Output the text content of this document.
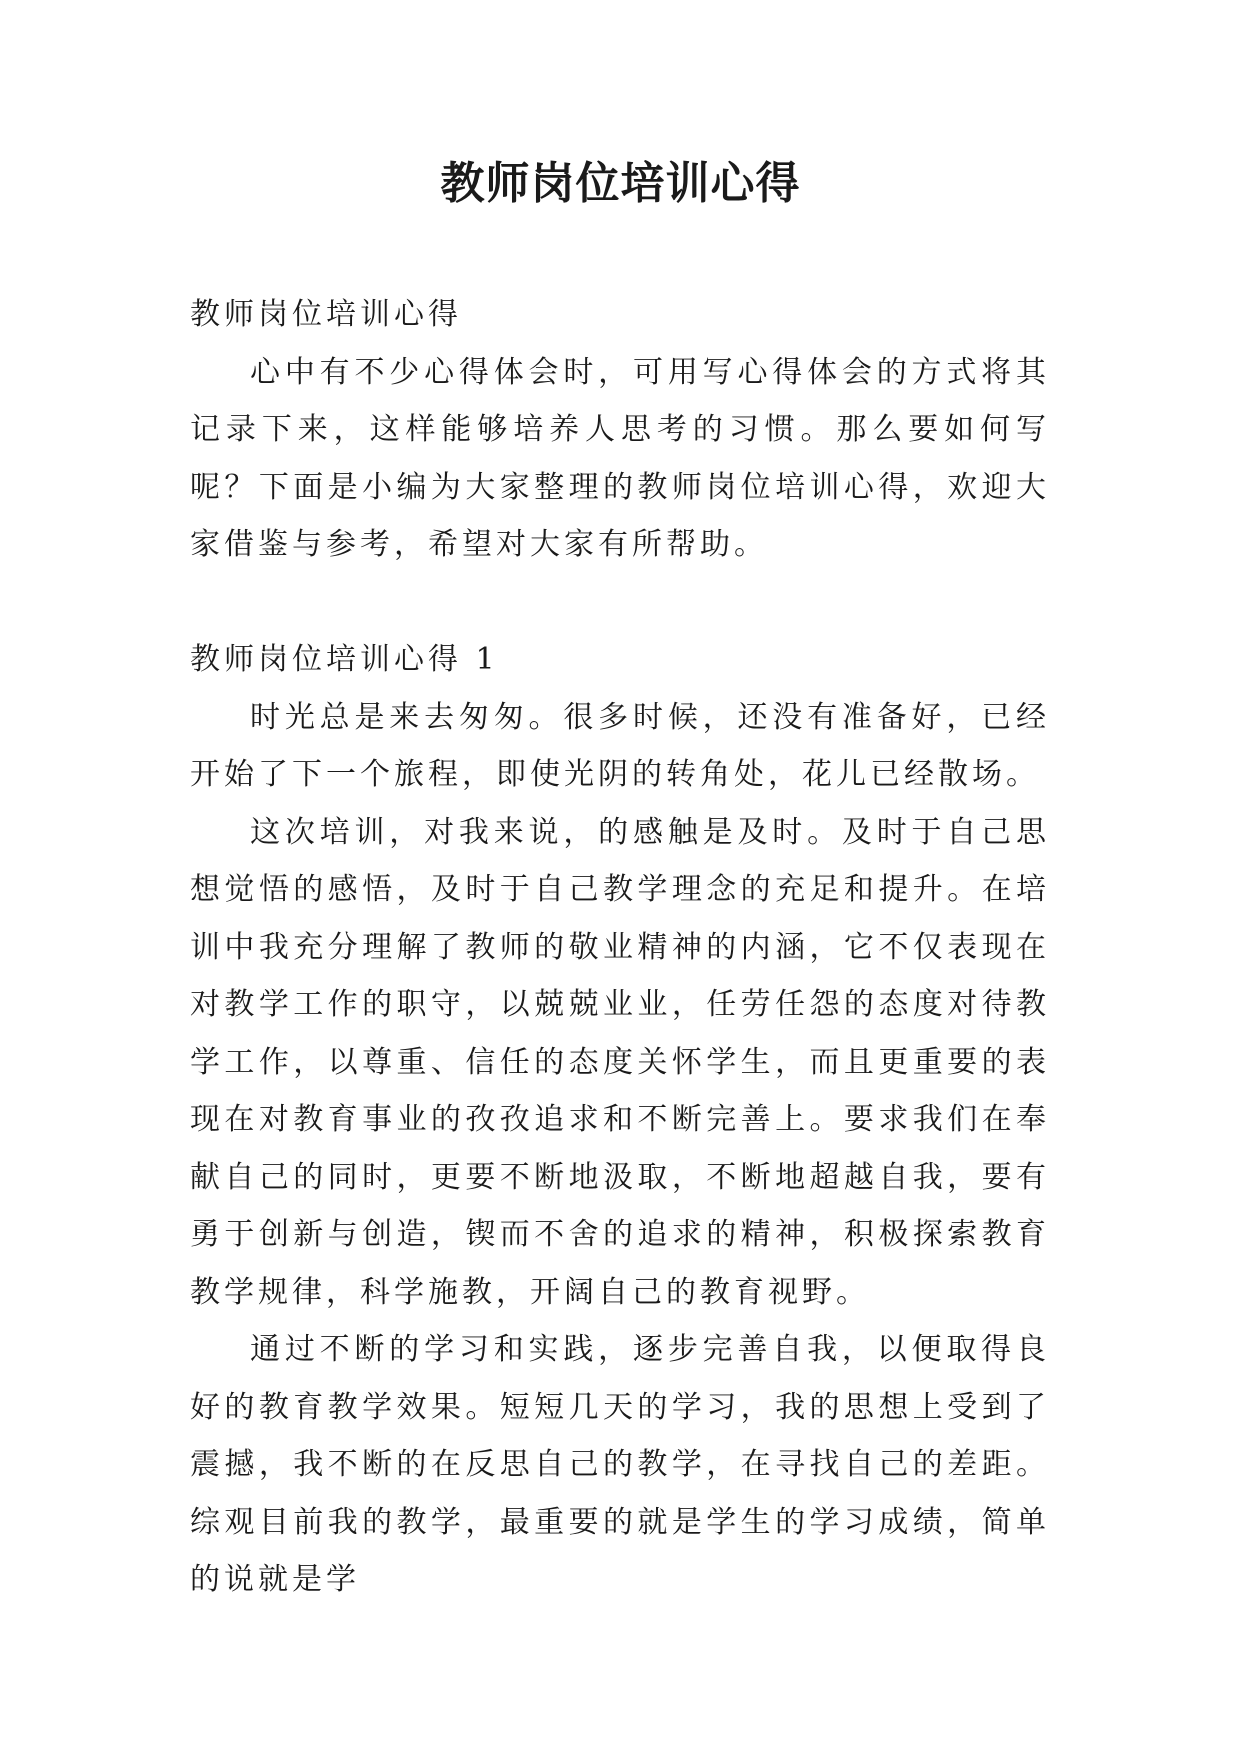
教师岗位培训心得

教师岗位培训心得

心中有不少心得体会时，可用写心得体会的方式将其记录下来，这样能够培养人思考的习惯。那么要如何写呢？下面是小编为大家整理的教师岗位培训心得，欢迎大家借鉴与参考，希望对大家有所帮助。

教师岗位培训心得 1

时光总是来去匆匆。很多时候，还没有准备好，已经开始了下一个旅程，即使光阴的转角处，花儿已经散场。

这次培训，对我来说，的感触是及时。及时于自己思想觉悟的感悟，及时于自己教学理念的充足和提升。在培训中我充分理解了教师的敬业精神的内涵，它不仅表现在对教学工作的职守，以兢兢业业，任劳任怨的态度对待教学工作，以尊重、信任的态度关怀学生，而且更重要的表现在对教育事业的孜孜追求和不断完善上。要求我们在奉献自己的同时，更要不断地汲取，不断地超越自我，要有勇于创新与创造，锲而不舍的追求的精神，积极探索教育教学规律，科学施教，开阔自己的教育视野。

通过不断的学习和实践，逐步完善自我，以便取得良好的教育教学效果。短短几天的学习，我的思想上受到了震撼，我不断的在反思自己的教学，在寻找自己的差距。综观目前我的教学，最重要的就是学生的学习成绩，简单的说就是学
